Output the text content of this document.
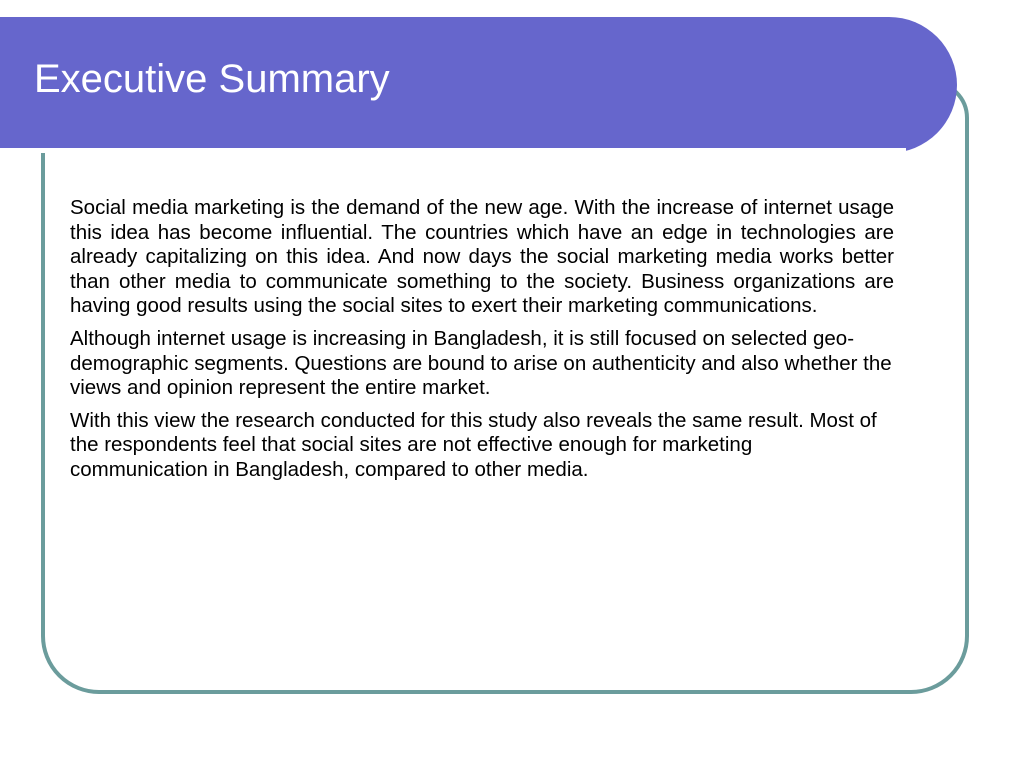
Executive Summary

Social media marketing is the demand of the new age. With the increase of internet usage this idea has become influential. The countries which have an edge in technologies are already capitalizing on this idea. And now days the social marketing media works better than other media to communicate something to the society. Business organizations are having good results using the social sites to exert their marketing communications.

Although internet usage is increasing in Bangladesh, it is still focused on selected geo-demographic segments. Questions are bound to arise on authenticity and also whether the views and opinion represent the entire market.

With this view the research conducted for this study also reveals the same result. Most of the respondents feel that social sites are not effective enough for marketing communication in Bangladesh, compared to other media.
